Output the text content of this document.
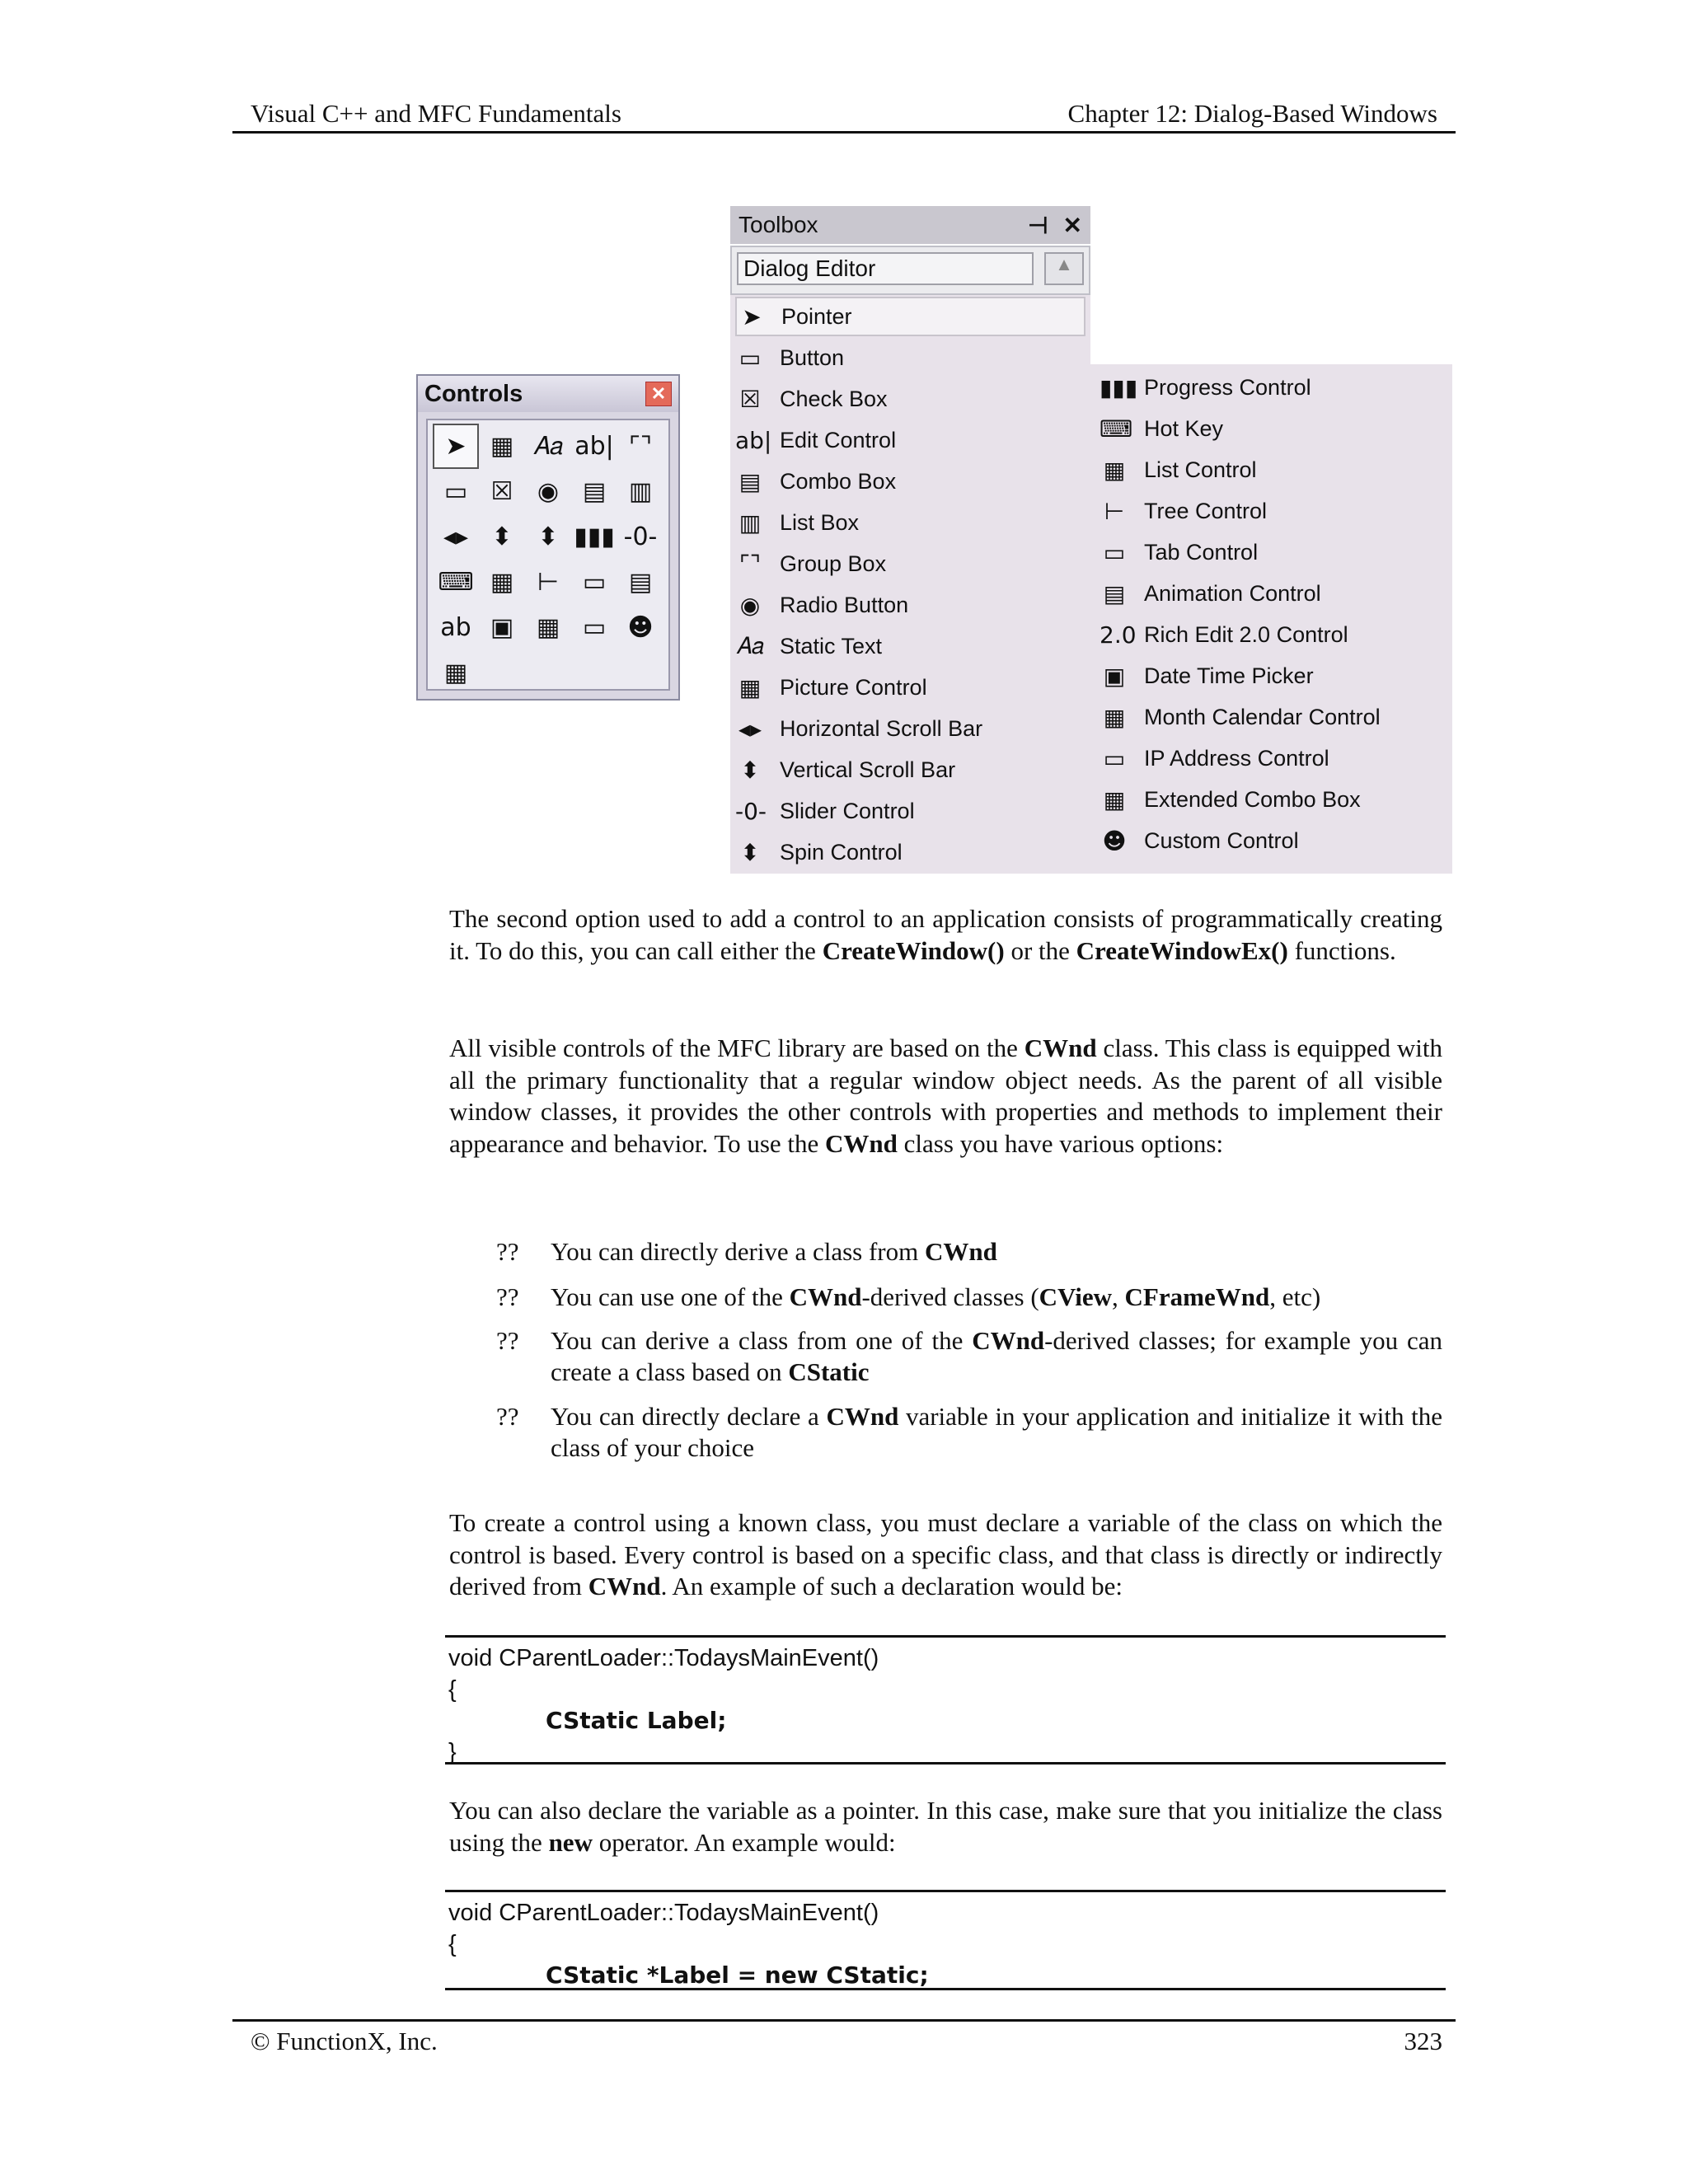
Visual C++ and MFC Fundamentals	Chapter 12: Dialog-Based Windows
Controls	✕
➤ ▦ 𝐴𝑎 ab| ⌜⌝
▭ ☒ ◉ ▤ ▥
◂▸ ⬍	⬍ ▮▮▮ -0-
⌨ ▦ ⊢ ▭ ▤
ab ▣ ▦ ▭ ☻
▦
Toolbox	⊣ ✕
Dialog Editor	▲
➤ Pointer
▭ Button
☒ Check Box
ab| Edit Control
▤ Combo Box
▥ List Box
⌜⌝ Group Box
◉ Radio Button
𝐴𝑎 Static Text
▦ Picture Control
◂▸ Horizontal Scroll Bar
⬍ Vertical Scroll Bar
-0- Slider Control
⬍ Spin Control
▮▮▮ Progress Control
⌨ Hot Key
▦ List Control
⊢ Tree Control
▭ Tab Control
▤ Animation Control
2.0 Rich Edit 2.0 Control
▣ Date Time Picker
▦ Month Calendar Control
▭ IP Address Control
▦ Extended Combo Box
☻ Custom Control
The second option used to add a control to an application consists of programmatically creating it. To do this, you can call either the CreateWindow() or the CreateWindowEx() functions.
All visible controls of the MFC library are based on the CWnd class. This class is equipped with all the primary functionality that a regular window object needs. As the parent of all visible window classes, it provides the other controls with properties and methods to implement their appearance and behavior. To use the CWnd class you have various options:
??	You can directly derive a class from CWnd
??	You can use one of the CWnd-derived classes (CView, CFrameWnd, etc)
??	You can derive a class from one of the CWnd-derived classes; for example you can create a class based on CStatic
??	You can directly declare a CWnd variable in your application and initialize it with the class of your choice
To create a control using a known class, you must declare a variable of the class on which the control is based. Every control is based on a specific class, and that class is directly or indirectly derived from CWnd. An example of such a declaration would be:
void CParentLoader::TodaysMainEvent()
{
CStatic Label;
}
You can also declare the variable as a pointer. In this case, make sure that you initialize the class using the new operator. An example would:
void CParentLoader::TodaysMainEvent()
{
CStatic *Label = new CStatic;
© FunctionX, Inc.	323
